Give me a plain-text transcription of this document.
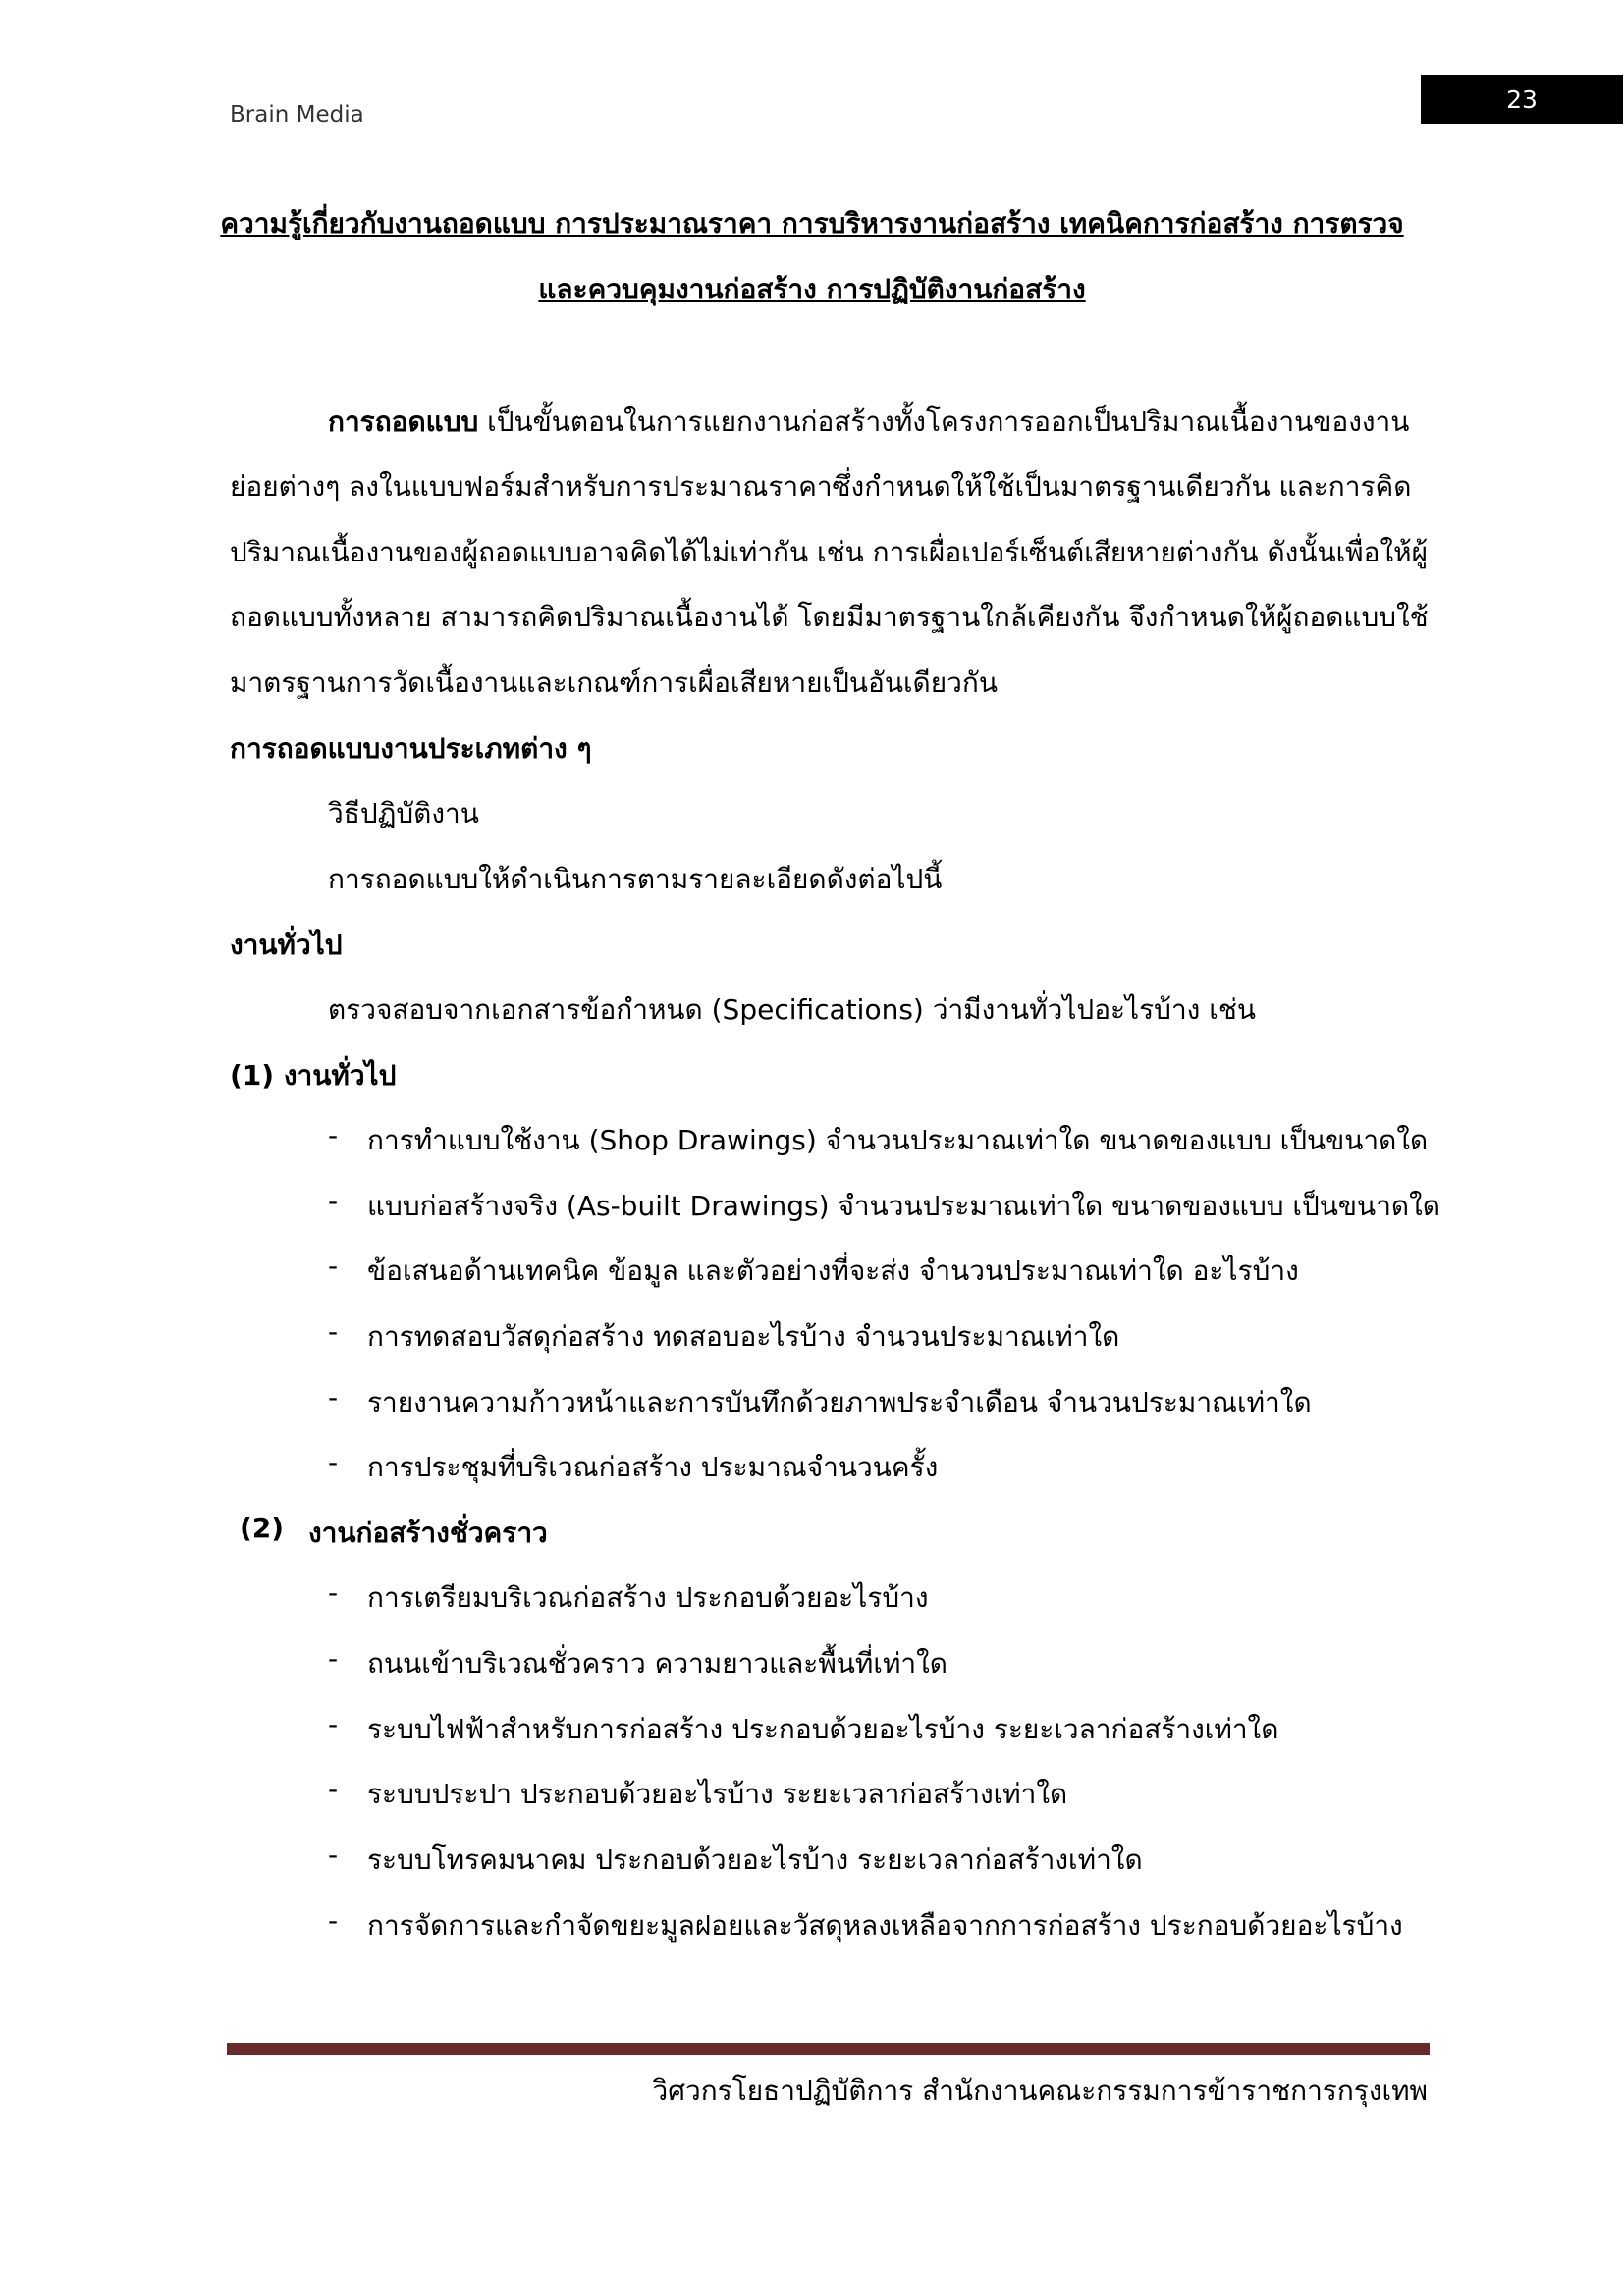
Brain Media
23
ความรู้เกี่ยวกับงานถอดแบบ การประมาณราคา การบริหารงานก่อสร้าง เทคนิคการก่อสร้าง การตรวจ
และควบคุมงานก่อสร้าง การปฏิบัติงานก่อสร้าง
การถอดแบบ เป็นขั้นตอนในการแยกงานก่อสร้างทั้งโครงการออกเป็นปริมาณเนื้องานของงาน
ย่อยต่างๆ ลงในแบบฟอร์มสำหรับการประมาณราคาซึ่งกำหนดให้ใช้เป็นมาตรฐานเดียวกัน และการคิด
ปริมาณเนื้องานของผู้ถอดแบบอาจคิดได้ไม่เท่ากัน เช่น การเผื่อเปอร์เซ็นต์เสียหายต่างกัน ดังนั้นเพื่อให้ผู้
ถอดแบบทั้งหลาย สามารถคิดปริมาณเนื้องานได้ โดยมีมาตรฐานใกล้เคียงกัน จึงกำหนดให้ผู้ถอดแบบใช้
มาตรฐานการวัดเนื้องานและเกณฑ์การเผื่อเสียหายเป็นอันเดียวกัน
การถอดแบบงานประเภทต่าง ๆ
วิธีปฏิบัติงาน
การถอดแบบให้ดำเนินการตามรายละเอียดดังต่อไปนี้
งานทั่วไป
ตรวจสอบจากเอกสารข้อกำหนด (Specifications) ว่ามีงานทั่วไปอะไรบ้าง เช่น
(1) งานทั่วไป
- การทำแบบใช้งาน (Shop Drawings) จำนวนประมาณเท่าใด ขนาดของแบบ เป็นขนาดใด
- แบบก่อสร้างจริง (As-built Drawings) จำนวนประมาณเท่าใด ขนาดของแบบ เป็นขนาดใด
- ข้อเสนอด้านเทคนิค ข้อมูล และตัวอย่างที่จะส่ง จำนวนประมาณเท่าใด อะไรบ้าง
- การทดสอบวัสดุก่อสร้าง ทดสอบอะไรบ้าง จำนวนประมาณเท่าใด
- รายงานความก้าวหน้าและการบันทึกด้วยภาพประจำเดือน จำนวนประมาณเท่าใด
- การประชุมที่บริเวณก่อสร้าง ประมาณจำนวนครั้ง
(2) งานก่อสร้างชั่วคราว
- การเตรียมบริเวณก่อสร้าง ประกอบด้วยอะไรบ้าง
- ถนนเข้าบริเวณชั่วคราว ความยาวและพื้นที่เท่าใด
- ระบบไฟฟ้าสำหรับการก่อสร้าง ประกอบด้วยอะไรบ้าง ระยะเวลาก่อสร้างเท่าใด
- ระบบประปา ประกอบด้วยอะไรบ้าง ระยะเวลาก่อสร้างเท่าใด
- ระบบโทรคมนาคม ประกอบด้วยอะไรบ้าง ระยะเวลาก่อสร้างเท่าใด
- การจัดการและกำจัดขยะมูลฝอยและวัสดุหลงเหลือจากการก่อสร้าง ประกอบด้วยอะไรบ้าง
วิศวกรโยธาปฏิบัติการ สำนักงานคณะกรรมการข้าราชการกรุงเทพ
